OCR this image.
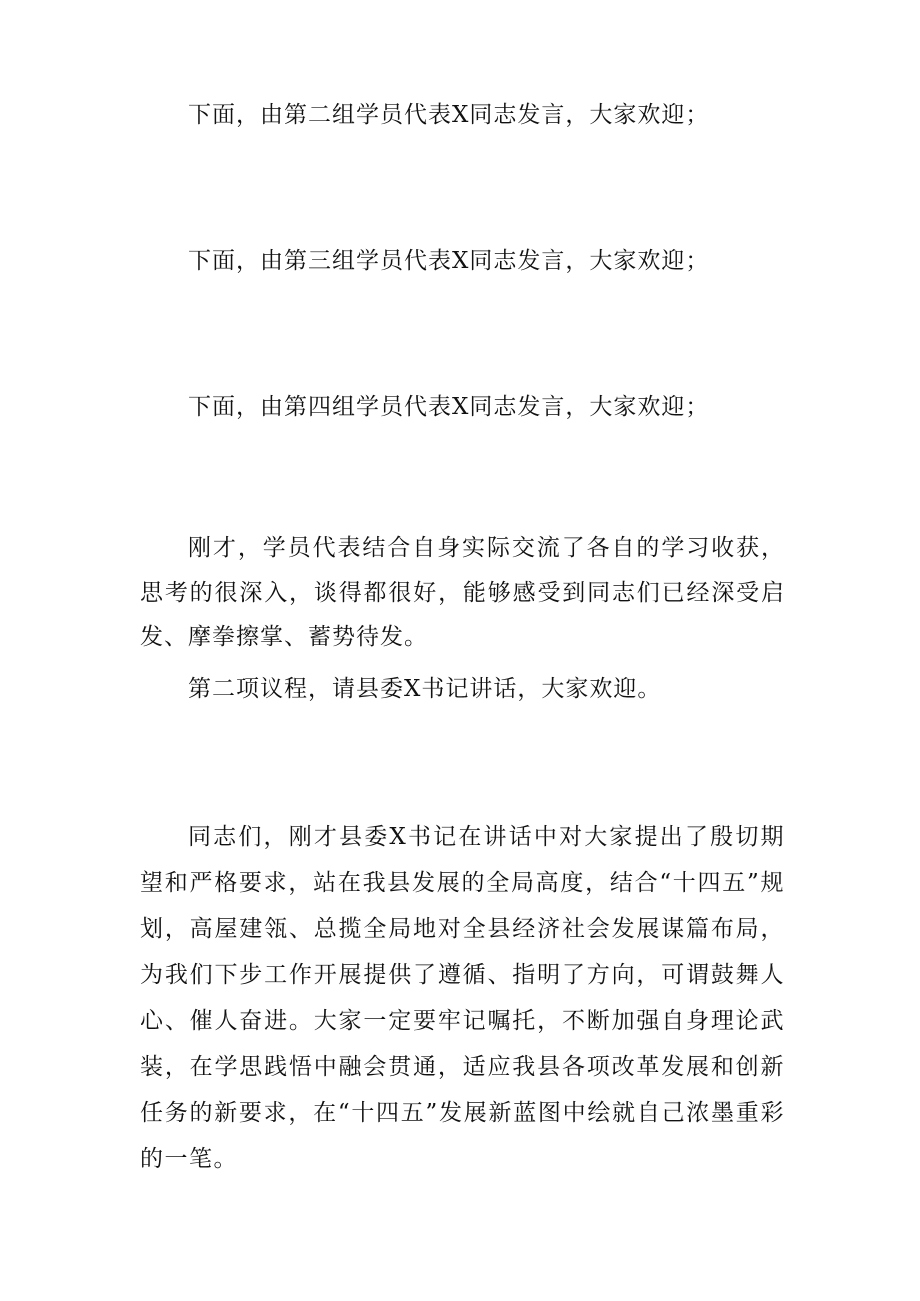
下面，由第二组学员代表X同志发言，大家欢迎；
下面，由第三组学员代表X同志发言，大家欢迎；
下面，由第四组学员代表X同志发言，大家欢迎；
刚才，学员代表结合自身实际交流了各自的学习收获，思考的很深入，谈得都很好，能够感受到同志们已经深受启发、摩拳擦掌、蓄势待发。
第二项议程，请县委X书记讲话，大家欢迎。
同志们，刚才县委X书记在讲话中对大家提出了殷切期望和严格要求，站在我县发展的全局高度，结合“十四五”规划，高屋建瓴、总揽全局地对全县经济社会发展谋篇布局，为我们下步工作开展提供了遵循、指明了方向，可谓鼓舞人心、催人奋进。大家一定要牢记嘱托，不断加强自身理论武装，在学思践悟中融会贯通，适应我县各项改革发展和创新任务的新要求，在“十四五”发展新蓝图中绘就自己浓墨重彩的一笔。
